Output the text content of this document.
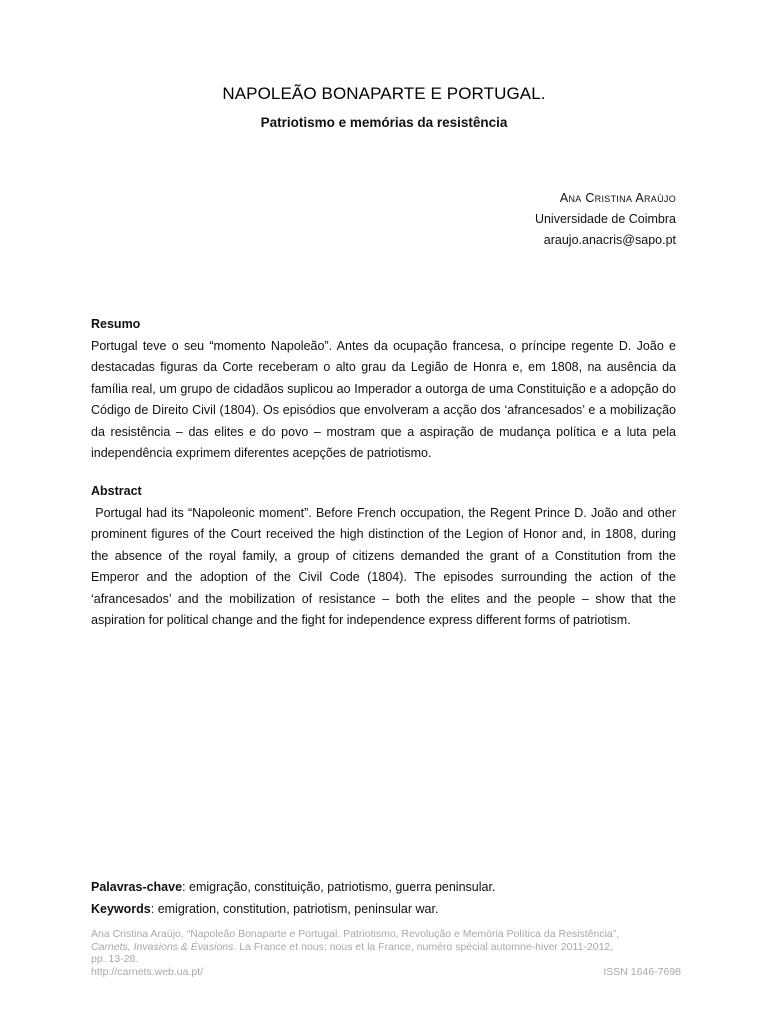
NAPOLEÃO BONAPARTE E PORTUGAL.
Patriotismo e memórias da resistência
Ana Cristina Araújo
Universidade de Coimbra
araujo.anacris@sapo.pt

Resumo

Portugal teve o seu “momento Napoleão”. Antes da ocupação francesa, o príncipe regente D. João e destacadas figuras da Corte receberam o alto grau da Legião de Honra e, em 1808, na ausência da família real, um grupo de cidadãos suplicou ao Imperador a outorga de uma Constituição e a adopção do Código de Direito Civil (1804). Os episódios que envolveram a acção dos ‘afrancesados’ e a mobilização da resistência – das elites e do povo – mostram que a aspiração de mudança política e a luta pela independência exprimem diferentes acepções de patriotismo.

Abstract

Portugal had its “Napoleonic moment”. Before French occupation, the Regent Prince D. João and other prominent figures of the Court received the high distinction of the Legion of Honor and, in 1808, during the absence of the royal family, a group of citizens demanded the grant of a Constitution from the Emperor and the adoption of the Civil Code (1804). The episodes surrounding the action of the ‘afrancesados’ and the mobilization of resistance – both the elites and the people – show that the aspiration for political change and the fight for independence express different forms of patriotism.

Palavras-chave: emigração, constituição, patriotismo, guerra peninsular.
Keywords: emigration, constitution, patriotism, peninsular war.
Ana Cristina Araújo, “Napoleão Bonaparte e Portugal. Patriotismo, Revolução e Memória Política da Resistência”,
Carnets, Invasions & Évasions. La France et nous; nous et la France, numéro spécial automne-hiver 2011-2012,
pp. 13-28.
http://carnets.web.ua.pt/	ISSN 1646-7698
